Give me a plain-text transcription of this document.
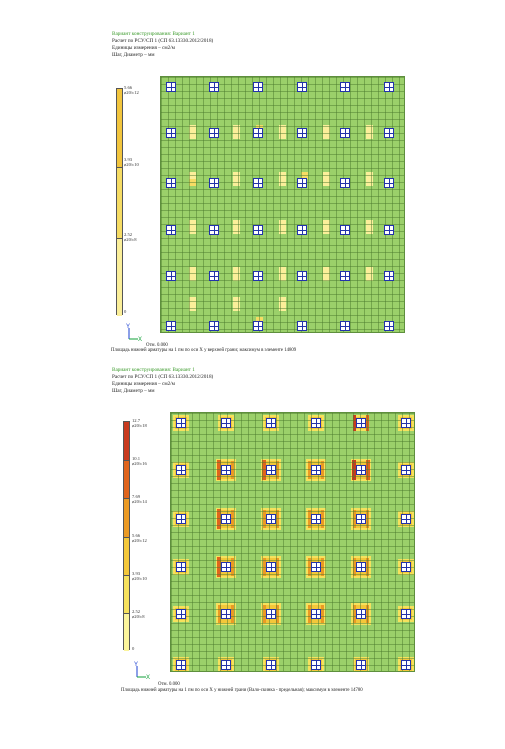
Вариант конструирования: Вариант 1
Расчет по РСУ/СП 1 (СП 63.13330.2012/2018)
Единицы измерения – см2/м
Шаг, Диаметр – мм
5.66
ø20/с12
3.93
ø20/с10
2.52
ø20/с8
0
Y
X
Отм. 0.000
Площадь нижней арматуры на 1 пм по оси X у верхней грани; максимум в элементе 14809
Вариант конструирования: Вариант 1
Расчет по РСУ/СП 1 (СП 63.13330.2012/2018)
Единицы измерения – см2/м
Шаг, Диаметр – мм
12.7
ø20/с18
10.1
ø20/с16
7.69
ø20/с14
5.66
ø20/с12
3.93
ø20/с10
2.52
ø20/с8
0
Y
X
Отм. 0.000
Площадь нижней арматуры на 1 пм по оси X у нижней грани (Вало-скинка - предельная); максимум в элементе 14780
